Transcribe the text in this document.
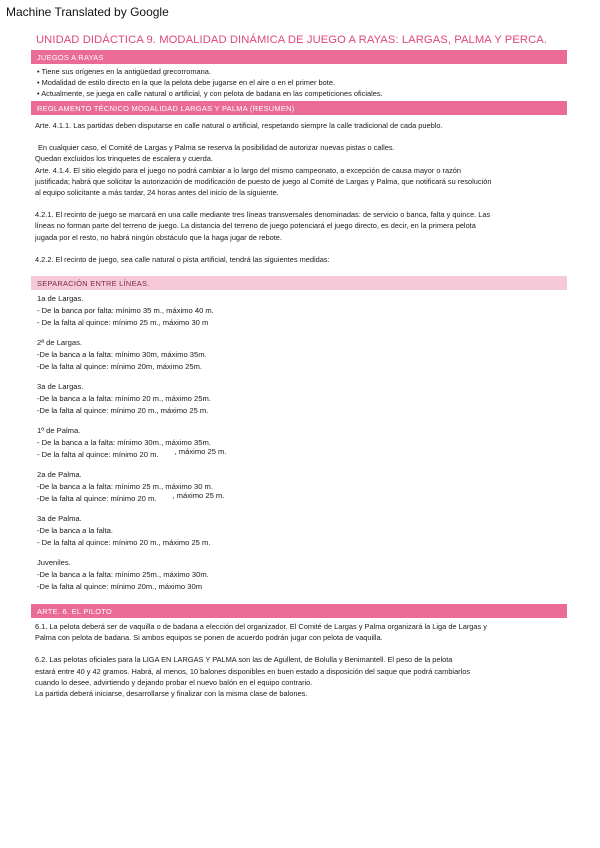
Machine Translated by Google
UNIDAD DIDÁCTICA 9. MODALIDAD DINÁMICA DE JUEGO A RAYAS: LARGAS, PALMA Y PERCA.
JUEGOS A RAYAS
• Tiene sus orígenes en la antigüedad grecorromana.
• Modalidad de estilo directo en la que la pelota debe jugarse en el aire o en el primer bote.
• Actualmente, se juega en calle natural o artificial, y con pelota de badana en las competiciones oficiales.
REGLAMENTO TÉCNICO MODALIDAD LARGAS Y PALMA (RESUMEN)
Arte. 4.1.1. Las partidas deben disputarse en calle natural o artificial, respetando siempre la calle tradicional de cada pueblo.
En cualquier caso, el Comité de Largas y Palma se reserva la posibilidad de autorizar nuevas pistas o calles.
Quedan excluidos los trinquetes de escalera y cuerda.
Arte. 4.1.4. El sitio elegido para el juego no podrá cambiar a lo largo del mismo campeonato, a excepción de causa mayor o razón
justificada; habrá que solicitar la autorización de modificación de puesto de juego al Comité de Largas y Palma, que notificará su resolución
al equipo solicitante a más tardar, 24 horas antes del inicio de la siguiente.
4.2.1. El recinto de juego se marcará en una calle mediante tres líneas transversales denominadas: de servicio o banca, falta y quince. Las
líneas no forman parte del terreno de juego. La distancia del terreno de juego potenciará el juego directo, es decir, en la primera pelota
jugada por el resto, no habrá ningún obstáculo que la haga jugar de rebote.
4.2.2. El recinto de juego, sea calle natural o pista artificial, tendrá las siguientes medidas:
SEPARACIÓN ENTRE LÍNEAS.
1a de Largas.
- De la banca por falta: mínimo 35 m., máximo 40 m.
- De la falta al quince: mínimo 25 m., máximo 30 m
2ª de Largas.
-De la banca a la falta: mínimo 30m, máximo 35m.
-De la falta al quince: mínimo 20m, máximo 25m.
3a de Largas.
-De la banca a la falta: mínimo 20 m., máximo 25m.
-De la falta al quince: mínimo 20 m., máximo 25 m.
1º de Palma.
- De la banca a la falta: mínimo 30m., máximo 35m.
- De la falta al quince: mínimo 20 m. , máximo 25 m.
2a de Palma.
-De la banca a la falta: mínimo 25 m., máximo 30 m.
-De la falta al quince: mínimo 20 m. , máximo 25 m.
3a de Palma.
-De la banca a la falta.
- De la falta al quince: mínimo 20 m., máximo 25 m.
Juveniles.
-De la banca a la falta: mínimo 25m., máximo 30m.
-De la falta al quince: mínimo 20m., máximo 30m
ARTE. 6. EL PILOTO
6.1. La pelota deberá ser de vaquilla o de badana a elección del organizador. El Comité de Largas y Palma organizará la Liga de Largas y
Palma con pelota de badana. Si ambos equipos se ponen de acuerdo podrán jugar con pelota de vaquilla.
6.2. Las pelotas oficiales para la LIGA EN LARGAS Y PALMA son las de Agullent, de Bolulla y Benimantell. El peso de la pelota
estará entre 40 y 42 gramos. Habrá, al menos, 10 balones disponibles en buen estado a disposición del saque que podrá cambiarlos
cuando lo desee, advirtiendo y dejando probar el nuevo balón en el equipo contrario.
La partida deberá iniciarse, desarrollarse y finalizar con la misma clase de balones.
